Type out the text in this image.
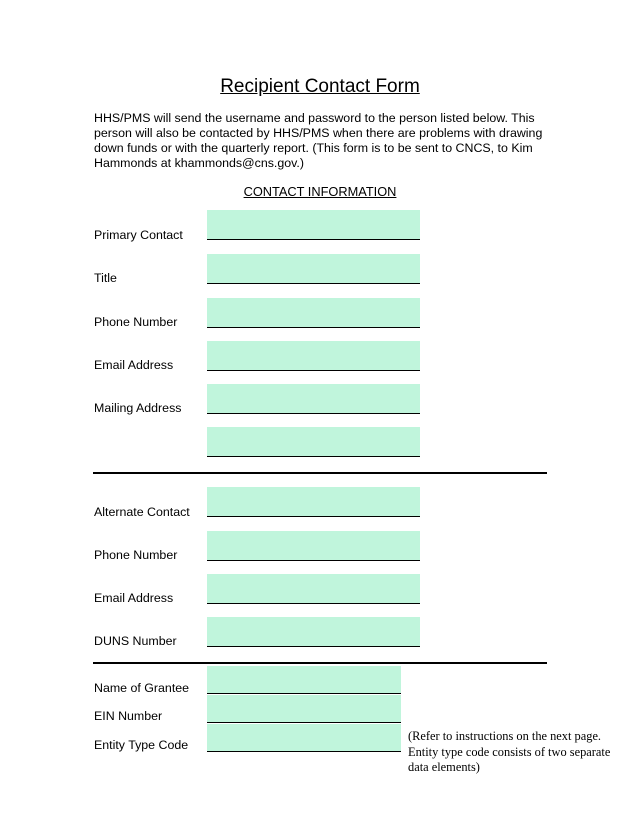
Recipient Contact Form
HHS/PMS will send the username and password to the person listed below. This person will also be contacted by HHS/PMS when there are problems with drawing down funds or with the quarterly report. (This form is to be sent to CNCS, to Kim Hammonds at khammonds@cns.gov.)
CONTACT INFORMATION
Primary Contact
Title
Phone Number
Email Address
Mailing Address
Alternate Contact
Phone Number
Email Address
DUNS Number
Name of Grantee
EIN Number
Entity Type Code
(Refer to instructions on the next page. Entity type code consists of two separate data elements)
